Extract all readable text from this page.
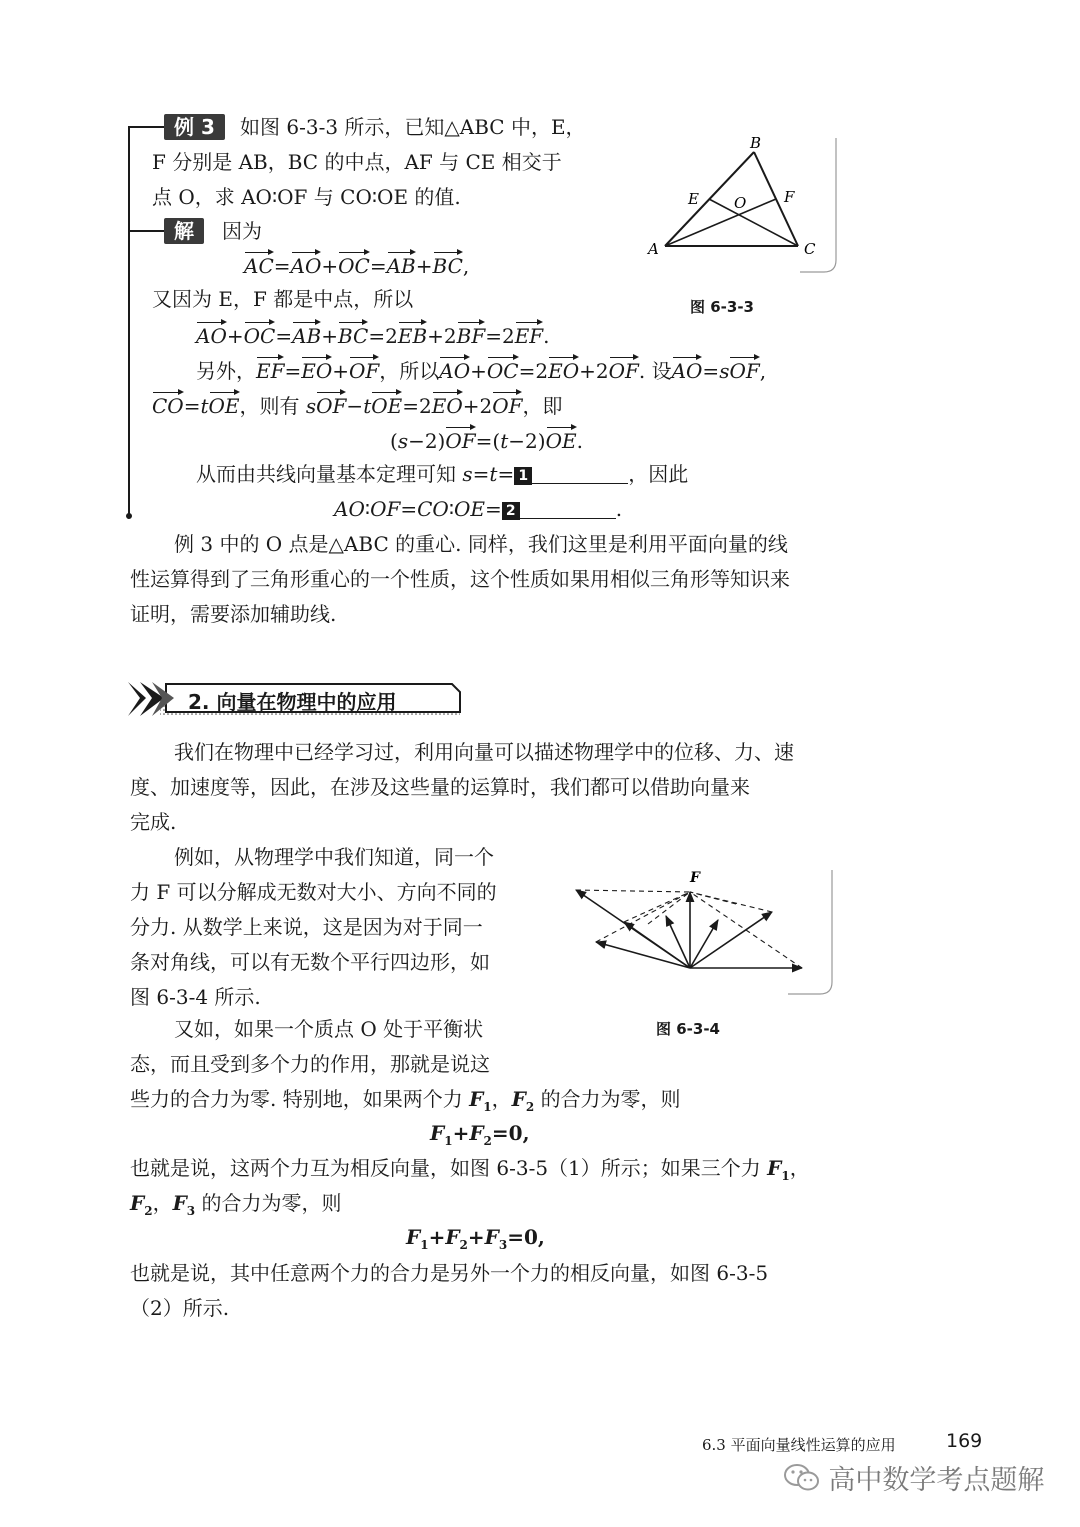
例 3	如图 6-3-3 所示，已知△ABC 中，E，
F 分别是 AB，BC 的中点，AF 与 CE 相交于
点 O，求 AO∶OF 与 CO∶OE 的值.
解	因为
AC=AO+OC=AB+BC,
又因为 E，F 都是中点，所以
AO+OC=AB+BC=2EB+2BF=2EF.
另外，EF=EO+OF，所以AO+OC=2EO+2OF. 设AO=sOF,
CO=tOE，则有 sOF−tOE=2EO+2OF，即
(s−2)OF=(t−2)OE.
从而由共线向量基本定理可知 s=t= 1	，因此
AO∶OF=CO∶OE= 2	.
A
B
C
E	F
O
图 6-3-3
例 3 中的 O 点是△ABC 的重心. 同样，我们这里是利用平面向量的线
性运算得到了三角形重心的一个性质，这个性质如果用相似三角形等知识来
证明，需要添加辅助线.
2. 向量在物理中的应用
我们在物理中已经学习过，利用向量可以描述物理学中的位移、力、速
度、加速度等，因此，在涉及这些量的运算时，我们都可以借助向量来
完成.
例如，从物理学中我们知道，同一个
力 F 可以分解成无数对大小、方向不同的
分力. 从数学上来说，这是因为对于同一
条对角线，可以有无数个平行四边形，如
图 6-3-4 所示.
F
图 6-3-4
又如，如果一个质点 O 处于平衡状
态，而且受到多个力的作用，那就是说这
些力的合力为零. 特别地，如果两个力 $F_1$，$F_2$ 的合力为零，则
$F_1+F_2=0$,
也就是说，这两个力互为相反向量，如图 6-3-5（1）所示；如果三个力 $F_1$，
$F_2$，$F_3$ 的合力为零，则
$F_1+F_2+F_3=0$,
也就是说，其中任意两个力的合力是另外一个力的相反向量，如图 6-3-5
（2）所示.
6.3 平面向量线性运算的应用	169
高中数学考点题解
